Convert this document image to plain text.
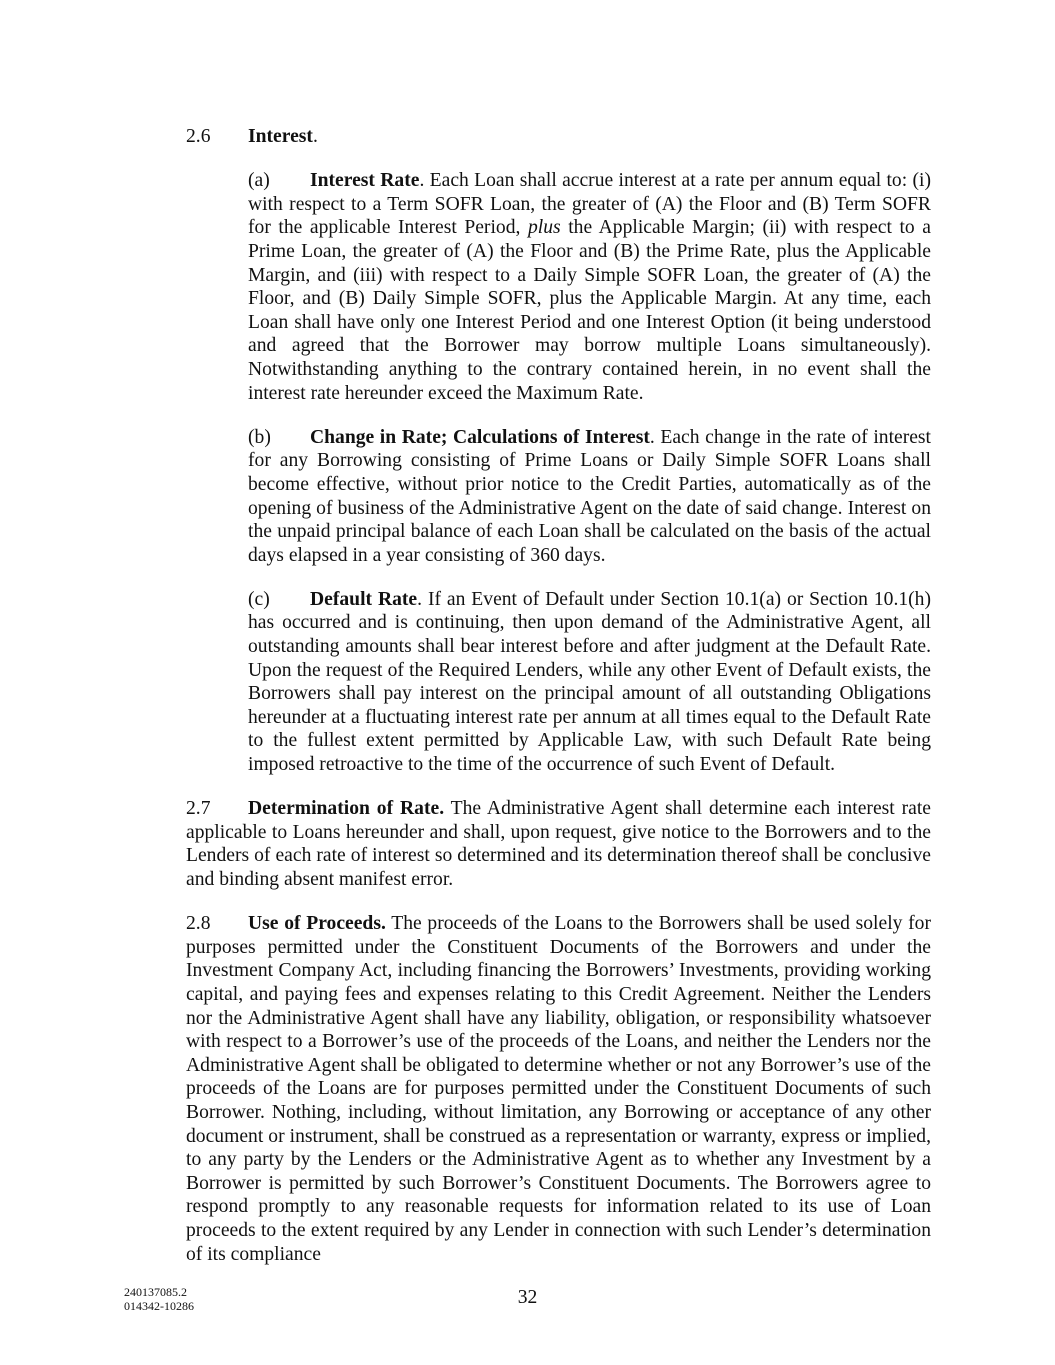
2.6 Interest.

(a) Interest Rate. Each Loan shall accrue interest at a rate per annum equal to: (i) with respect to a Term SOFR Loan, the greater of (A) the Floor and (B) Term SOFR for the applicable Interest Period, plus the Applicable Margin; (ii) with respect to a Prime Loan, the greater of (A) the Floor and (B) the Prime Rate, plus the Applicable Margin, and (iii) with respect to a Daily Simple SOFR Loan, the greater of (A) the Floor, and (B) Daily Simple SOFR, plus the Applicable Margin. At any time, each Loan shall have only one Interest Period and one Interest Option (it being understood and agreed that the Borrower may borrow multiple Loans simultaneously). Notwithstanding anything to the contrary contained herein, in no event shall the interest rate hereunder exceed the Maximum Rate.

(b) Change in Rate; Calculations of Interest. Each change in the rate of interest for any Borrowing consisting of Prime Loans or Daily Simple SOFR Loans shall become effective, without prior notice to the Credit Parties, automatically as of the opening of business of the Administrative Agent on the date of said change. Interest on the unpaid principal balance of each Loan shall be calculated on the basis of the actual days elapsed in a year consisting of 360 days.

(c) Default Rate. If an Event of Default under Section 10.1(a) or Section 10.1(h) has occurred and is continuing, then upon demand of the Administrative Agent, all outstanding amounts shall bear interest before and after judgment at the Default Rate. Upon the request of the Required Lenders, while any other Event of Default exists, the Borrowers shall pay interest on the principal amount of all outstanding Obligations hereunder at a fluctuating interest rate per annum at all times equal to the Default Rate to the fullest extent permitted by Applicable Law, with such Default Rate being imposed retroactive to the time of the occurrence of such Event of Default.

2.7 Determination of Rate. The Administrative Agent shall determine each interest rate applicable to Loans hereunder and shall, upon request, give notice to the Borrowers and to the Lenders of each rate of interest so determined and its determination thereof shall be conclusive and binding absent manifest error.

2.8 Use of Proceeds. The proceeds of the Loans to the Borrowers shall be used solely for purposes permitted under the Constituent Documents of the Borrowers and under the Investment Company Act, including financing the Borrowers’ Investments, providing working capital, and paying fees and expenses relating to this Credit Agreement. Neither the Lenders nor the Administrative Agent shall have any liability, obligation, or responsibility whatsoever with respect to a Borrower’s use of the proceeds of the Loans, and neither the Lenders nor the Administrative Agent shall be obligated to determine whether or not any Borrower’s use of the proceeds of the Loans are for purposes permitted under the Constituent Documents of such Borrower. Nothing, including, without limitation, any Borrowing or acceptance of any other document or instrument, shall be construed as a representation or warranty, express or implied, to any party by the Lenders or the Administrative Agent as to whether any Investment by a Borrower is permitted by such Borrower’s Constituent Documents. The Borrowers agree to respond promptly to any reasonable requests for information related to its use of Loan proceeds to the extent required by any Lender in connection with such Lender’s determination of its compliance

240137085.2
014342-10286	32
